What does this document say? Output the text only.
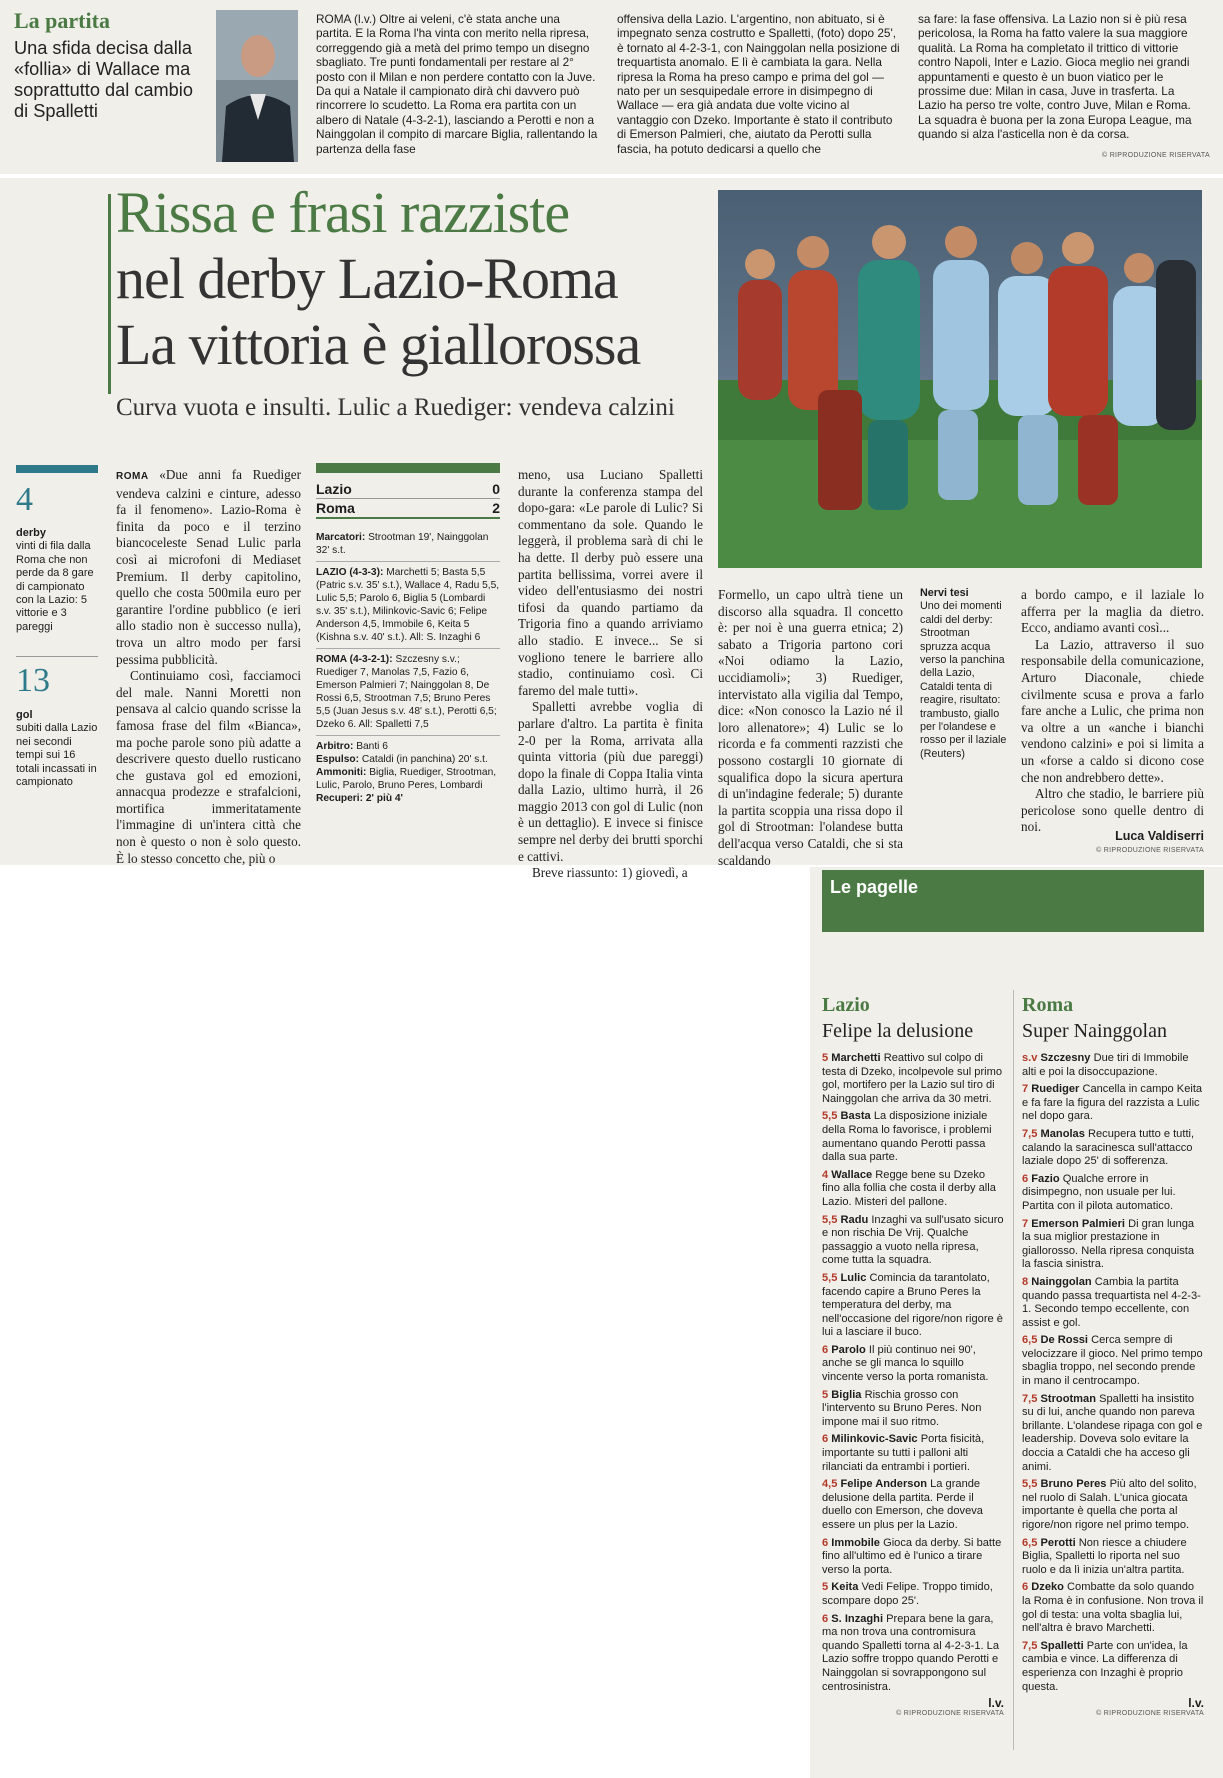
La partita
Una sfida decisa dalla «follia» di Wallace ma soprattutto dal cambio di Spalletti
ROMA (l.v.) Oltre ai veleni, c'è stata anche una partita. E la Roma l'ha vinta con merito nella ripresa, correggendo già a metà del primo tempo un disegno sbagliato. Tre punti fondamentali per restare al 2° posto con il Milan e non perdere contatto con la Juve. Da qui a Natale il campionato dirà chi davvero può rincorrere lo scudetto. La Roma era partita con un albero di Natale (4-3-2-1), lasciando a Perotti e non a Nainggolan il compito di marcare Biglia, rallentando la partenza della fase
offensiva della Lazio. L'argentino, non abituato, si è impegnato senza costrutto e Spalletti, (foto) dopo 25', è tornato al 4-2-3-1, con Nainggolan nella posizione di trequartista anomalo. E lì è cambiata la gara. Nella ripresa la Roma ha preso campo e prima del gol — nato per un sesquipedale errore in disimpegno di Wallace — era già andata due volte vicino al vantaggio con Dzeko. Importante è stato il contributo di Emerson Palmieri, che, aiutato da Perotti sulla fascia, ha potuto dedicarsi a quello che
sa fare: la fase offensiva. La Lazio non si è più resa pericolosa, la Roma ha fatto valere la sua maggiore qualità. La Roma ha completato il trittico di vittorie contro Napoli, Inter e Lazio. Gioca meglio nei grandi appuntamenti e questo è un buon viatico per le prossime due: Milan in casa, Juve in trasferta. La Lazio ha perso tre volte, contro Juve, Milan e Roma. La squadra è buona per la zona Europa League, ma quando si alza l'asticella non è da corsa.
© RIPRODUZIONE RISERVATA
Rissa e frasi razziste
nel derby Lazio-Roma
La vittoria è giallorossa
Curva vuota e insulti. Lulic a Ruediger: vendeva calzini
4
derby
vinti di fila dalla Roma che non perde da 8 gare di campionato con la Lazio: 5 vittorie e 3 pareggi
13
gol
subiti dalla Lazio nei secondi tempi sui 16 totali incassati in campionato

ROMA «Due anni fa Ruediger vendeva calzini e cinture, adesso fa il fenomeno». Lazio-Roma è finita da poco e il terzino biancoceleste Senad Lulic parla così ai microfoni di Mediaset Premium. Il derby capitolino, quello che costa 500mila euro per garantire l'ordine pubblico (e ieri allo stadio non è successo nulla), trova un altro modo per farsi pessima pubblicità.

Continuiamo così, facciamoci del male. Nanni Moretti non pensava al calcio quando scrisse la famosa frase del film «Bianca», ma poche parole sono più adatte a descrivere questo duello rusticano che gustava gol ed emozioni, annacqua prodezze e strafalcioni, mortifica immeritatamente l'immagine di un'intera città che non è questo o non è solo questo. È lo stesso concetto che, più o

Lazio	0
Roma	2
Marcatori: Strootman 19', Nainggolan 32' s.t.
LAZIO (4-3-3): Marchetti 5; Basta 5,5 (Patric s.v. 35' s.t.), Wallace 4, Radu 5,5, Lulic 5,5; Parolo 6, Biglia 5 (Lombardi s.v. 35' s.t.), Milinkovic-Savic 6; Felipe Anderson 4,5, Immobile 6, Keita 5 (Kishna s.v. 40' s.t.). All: S. Inzaghi 6
ROMA (4-3-2-1): Szczesny s.v.; Ruediger 7, Manolas 7,5, Fazio 6, Emerson Palmieri 7; Nainggolan 8, De Rossi 6,5, Strootman 7,5; Bruno Peres 5,5 (Juan Jesus s.v. 48' s.t.), Perotti 6,5; Dzeko 6. All: Spalletti 7,5
Arbitro: Banti 6
Espulso: Cataldi (in panchina) 20' s.t.
Ammoniti: Biglia, Ruediger, Strootman, Lulic, Parolo, Bruno Peres, Lombardi
Recuperi: 2' più 4'

meno, usa Luciano Spalletti durante la conferenza stampa del dopo-gara: «Le parole di Lulic? Si commentano da sole. Quando le leggerà, il problema sarà di chi le ha dette. Il derby può essere una partita bellissima, vorrei avere il video dell'entusiasmo dei nostri tifosi da quando partiamo da Trigoria fino a quando arriviamo allo stadio. E invece... Se si vogliono tenere le barriere allo stadio, continuiamo così. Ci faremo del male tutti».

Spalletti avrebbe voglia di parlare d'altro. La partita è finita 2-0 per la Roma, arrivata alla quinta vittoria (più due pareggi) dopo la finale di Coppa Italia vinta dalla Lazio, ultimo hurrà, il 26 maggio 2013 con gol di Lulic (non è un dettaglio). E invece si finisce sempre nel derby dei brutti sporchi e cattivi.

Breve riassunto: 1) giovedì, a

Formello, un capo ultrà tiene un discorso alla squadra. Il concetto è: per noi è una guerra etnica; 2) sabato a Trigoria partono cori «Noi odiamo la Lazio, uccidiamoli»; 3) Ruediger, intervistato alla vigilia dal Tempo, dice: «Non conosco la Lazio né il loro allenatore»; 4) Lulic se lo ricorda e fa commenti razzisti che possono costargli 10 giornate di squalifica dopo la sicura apertura di un'indagine federale; 5) durante la partita scoppia una rissa dopo il gol di Strootman: l'olandese butta dell'acqua verso Cataldi, che si sta scaldando

Nervi tesi
Uno dei momenti caldi del derby: Strootman spruzza acqua verso la panchina della Lazio, Cataldi tenta di reagire, risultato: trambusto, giallo per l'olandese e rosso per il laziale (Reuters)

a bordo campo, e il laziale lo afferra per la maglia da dietro. Ecco, andiamo avanti così...

La Lazio, attraverso il suo responsabile della comunicazione, Arturo Diaconale, chiede civilmente scusa e prova a farlo fare anche a Lulic, che prima non va oltre a un «anche i bianchi vendono calzini» e poi si limita a un «forse a caldo si dicono cose che non andrebbero dette».

Altro che stadio, le barriere più pericolose sono quelle dentro di noi.

Luca Valdiserri
© RIPRODUZIONE RISERVATA
Le pagelle
Lazio
Felipe la delusione
5 Marchetti Reattivo sul colpo di testa di Dzeko, incolpevole sul primo gol, mortifero per la Lazio sul tiro di Nainggolan che arriva da 30 metri.
5,5 Basta La disposizione iniziale della Roma lo favorisce, i problemi aumentano quando Perotti passa dalla sua parte.
4 Wallace Regge bene su Dzeko fino alla follia che costa il derby alla Lazio. Misteri del pallone.
5,5 Radu Inzaghi va sull'usato sicuro e non rischia De Vrij. Qualche passaggio a vuoto nella ripresa, come tutta la squadra.
5,5 Lulic Comincia da tarantolato, facendo capire a Bruno Peres la temperatura del derby, ma nell'occasione del rigore/non rigore è lui a lasciare il buco.
6 Parolo Il più continuo nei 90', anche se gli manca lo squillo vincente verso la porta romanista.
5 Biglia Rischia grosso con l'intervento su Bruno Peres. Non impone mai il suo ritmo.
6 Milinkovic-Savic Porta fisicità, importante su tutti i palloni alti rilanciati da entrambi i portieri.
4,5 Felipe Anderson La grande delusione della partita. Perde il duello con Emerson, che doveva essere un plus per la Lazio.
6 Immobile Gioca da derby. Si batte fino all'ultimo ed è l'unico a tirare verso la porta.
5 Keita Vedi Felipe. Troppo timido, scompare dopo 25'.
6 S. Inzaghi Prepara bene la gara, ma non trova una contromisura quando Spalletti torna al 4-2-3-1. La Lazio soffre troppo quando Perotti e Nainggolan si sovrappongono sul centrosinistra.
l.v.
© RIPRODUZIONE RISERVATA
Roma
Super Nainggolan
s.v Szczesny Due tiri di Immobile alti e poi la disoccupazione.
7 Ruediger Cancella in campo Keita e fa fare la figura del razzista a Lulic nel dopo gara.
7,5 Manolas Recupera tutto e tutti, calando la saracinesca sull'attacco laziale dopo 25' di sofferenza.
6 Fazio Qualche errore in disimpegno, non usuale per lui. Partita con il pilota automatico.
7 Emerson Palmieri Di gran lunga la sua miglior prestazione in giallorosso. Nella ripresa conquista la fascia sinistra.
8 Nainggolan Cambia la partita quando passa trequartista nel 4-2-3-1. Secondo tempo eccellente, con assist e gol.
6,5 De Rossi Cerca sempre di velocizzare il gioco. Nel primo tempo sbaglia troppo, nel secondo prende in mano il centrocampo.
7,5 Strootman Spalletti ha insistito su di lui, anche quando non pareva brillante. L'olandese ripaga con gol e leadership. Doveva solo evitare la doccia a Cataldi che ha acceso gli animi.
5,5 Bruno Peres Più alto del solito, nel ruolo di Salah. L'unica giocata importante è quella che porta al rigore/non rigore nel primo tempo.
6,5 Perotti Non riesce a chiudere Biglia, Spalletti lo riporta nel suo ruolo e da lì inizia un'altra partita.
6 Dzeko Combatte da solo quando la Roma è in confusione. Non trova il gol di testa: una volta sbaglia lui, nell'altra è bravo Marchetti.
7,5 Spalletti Parte con un'idea, la cambia e vince. La differenza di esperienza con Inzaghi è proprio questa.
l.v.
© RIPRODUZIONE RISERVATA
